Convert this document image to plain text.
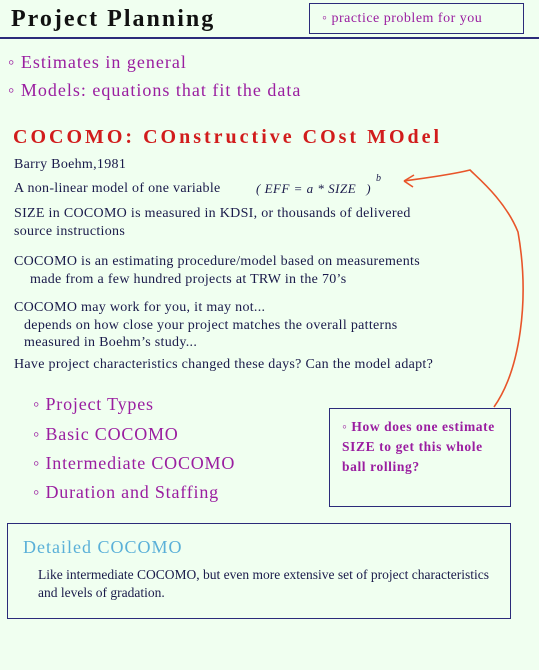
Project Planning	◦ practice problem for you
◦ Estimates in general
◦ Models: equations that fit the data
COCOMO: COnstructive COst MOdel
Barry Boehm,1981
A non-linear model of one variable	( EFF = a * SIZE )
b
SIZE in COCOMO is measured in KDSI, or thousands of delivered
source instructions
COCOMO is an estimating procedure/model based on measurements
made from a few hundred projects at TRW in the 70’s
COCOMO may work for you, it may not...
depends on how close your project matches the overall patterns
measured in Boehm’s study...
Have project characteristics changed these days? Can the model adapt?
◦ Project Types
◦ Basic COCOMO
◦ Intermediate COCOMO
◦ Duration and Staffing
◦ How does one estimate SIZE to get this whole ball rolling?
Detailed COCOMO
Like intermediate COCOMO, but even more extensive set of project characteristics and levels of gradation.
